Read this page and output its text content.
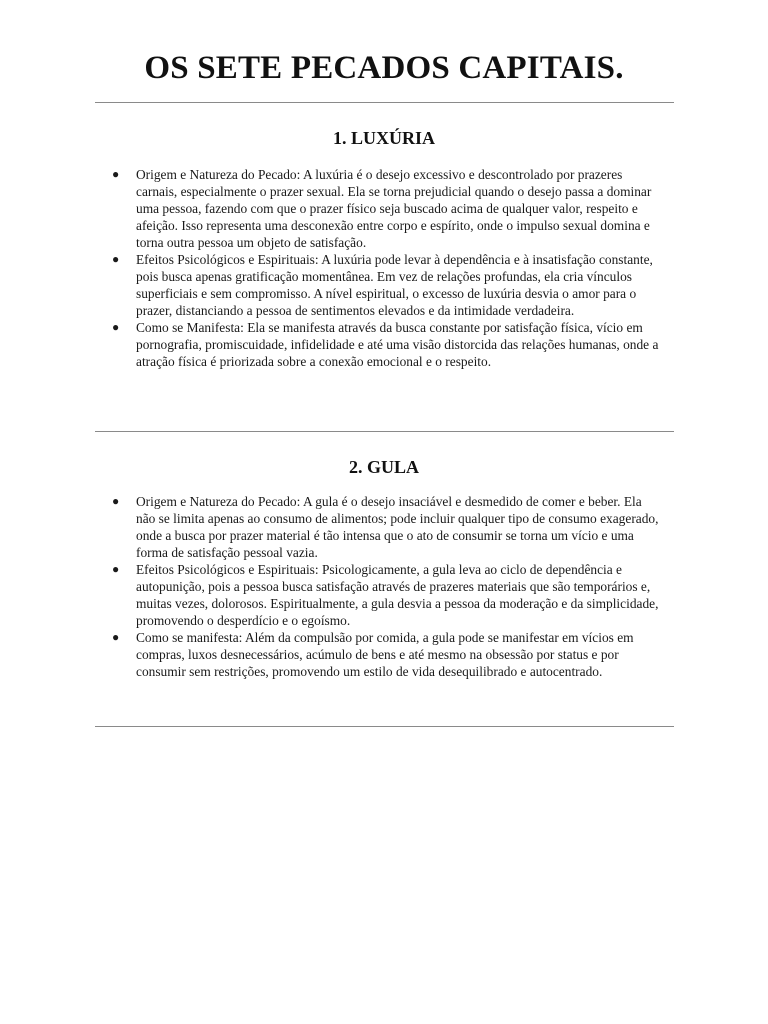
OS SETE PECADOS CAPITAIS.
1. LUXÚRIA
● Origem e Natureza do Pecado: A luxúria é o desejo excessivo e descontrolado por prazeres carnais, especialmente o prazer sexual. Ela se torna prejudicial quando o desejo passa a dominar uma pessoa, fazendo com que o prazer físico seja buscado acima de qualquer valor, respeito e afeição. Isso representa uma desconexão entre corpo e espírito, onde o impulso sexual domina e torna outra pessoa um objeto de satisfação.
● Efeitos Psicológicos e Espirituais: A luxúria pode levar à dependência e à insatisfação constante, pois busca apenas gratificação momentânea. Em vez de relações profundas, ela cria vínculos superficiais e sem compromisso. A nível espiritual, o excesso de luxúria desvia o amor para o prazer, distanciando a pessoa de sentimentos elevados e da intimidade verdadeira.
● Como se Manifesta: Ela se manifesta através da busca constante por satisfação física, vício em pornografia, promiscuidade, infidelidade e até uma visão distorcida das relações humanas, onde a atração física é priorizada sobre a conexão emocional e o respeito.
2. GULA
● Origem e Natureza do Pecado: A gula é o desejo insaciável e desmedido de comer e beber. Ela não se limita apenas ao consumo de alimentos; pode incluir qualquer tipo de consumo exagerado, onde a busca por prazer material é tão intensa que o ato de consumir se torna um vício e uma forma de satisfação pessoal vazia.
● Efeitos Psicológicos e Espirituais: Psicologicamente, a gula leva ao ciclo de dependência e autopunição, pois a pessoa busca satisfação através de prazeres materiais que são temporários e, muitas vezes, dolorosos. Espiritualmente, a gula desvia a pessoa da moderação e da simplicidade, promovendo o desperdício e o egoísmo.
● Como se manifesta: Além da compulsão por comida, a gula pode se manifestar em vícios em compras, luxos desnecessários, acúmulo de bens e até mesmo na obsessão por status e por consumir sem restrições, promovendo um estilo de vida desequilibrado e autocentrado.
